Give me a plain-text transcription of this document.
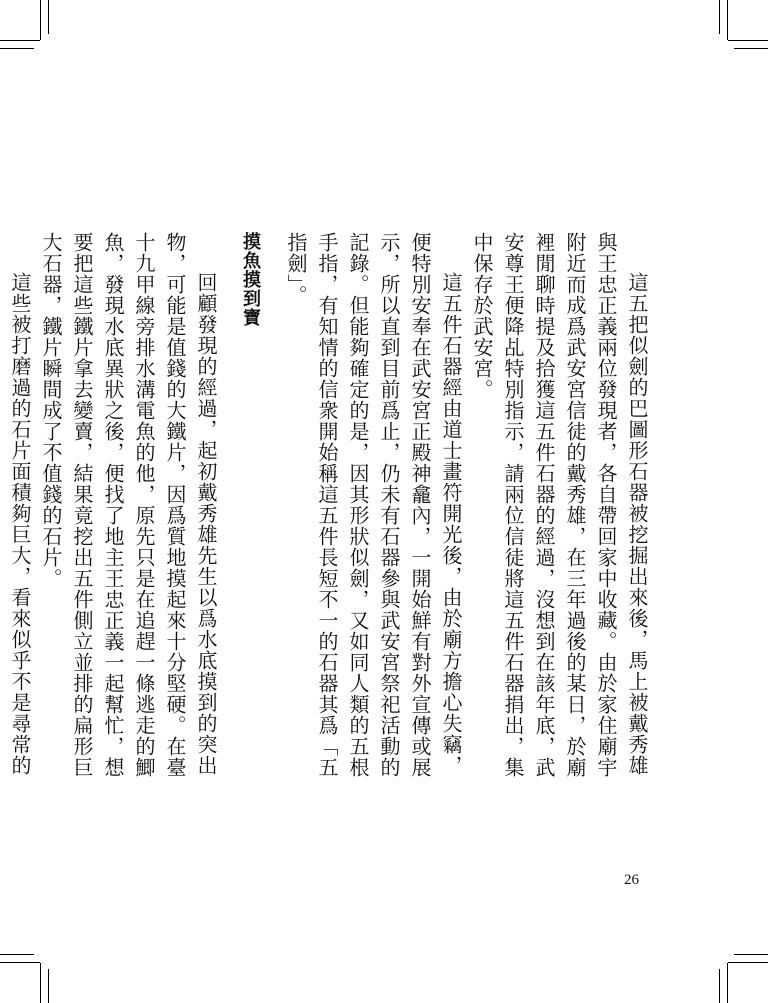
這五把似劍的巴圖形石器被挖掘出來後，馬上被戴秀雄與王忠正義兩位發現者，各自帶回家中收藏。由於家住廟宇附近而成爲武安宮信徒的戴秀雄，在三年過後的某日，於廟裡閒聊時提及拾獲這五件石器的經過，沒想到在該年底，武安尊王便降乩特別指示，請兩位信徒將這五件石器捐出，集中保存於武安宮。

這五件石器經由道士畫符開光後，由於廟方擔心失竊，便特別安奉在武安宮正殿神龕內，一開始鮮有對外宣傳或展示，所以直到目前爲止，仍未有石器參與武安宮祭祀活動的記錄。但能夠確定的是，因其形狀似劍，又如同人類的五根手指，有知情的信衆開始稱這五件長短不一的石器其爲「五指劍」。

摸魚摸到寶

回顧發現的經過，起初戴秀雄先生以爲水底摸到的突出物，可能是值錢的大鐵片，因爲質地摸起來十分堅硬。在臺十九甲線旁排水溝電魚的他，原先只是在追趕一條逃走的鯽魚，發現水底異狀之後，便找了地主王忠正義一起幫忙，想要把這些鐵片拿去變賣，結果竟挖出五件側立並排的扁形巨大石器，鐵片瞬間成了不值錢的石片。

這些被打磨過的石片面積夠巨大，看來似乎不是尋常的

26
